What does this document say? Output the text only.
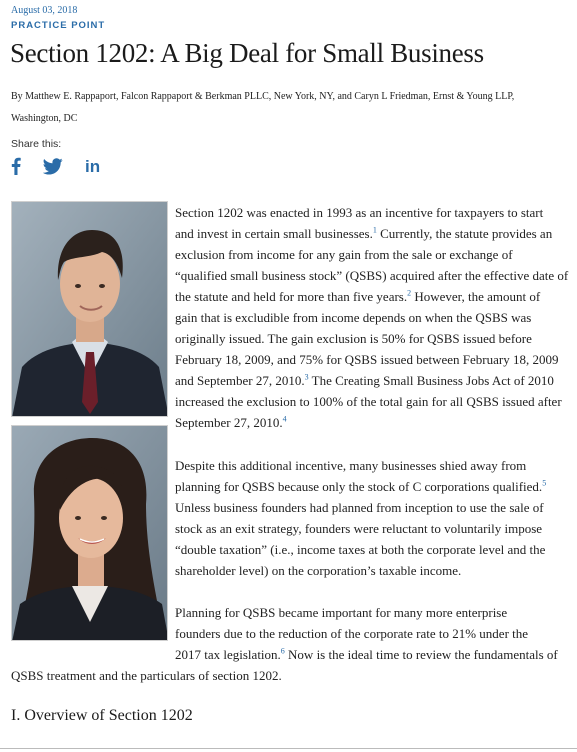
August 03, 2018
PRACTICE POINT
Section 1202: A Big Deal for Small Business
By Matthew E. Rappaport, Falcon Rappaport & Berkman PLLC, New York, NY, and Caryn L Friedman, Ernst & Young LLP,
Washington, DC
Share this:
in
Section 1202 was enacted in 1993 as an incentive for taxpayers to start
and invest in certain small businesses.$^1$ Currently, the statute provides an
exclusion from income for any gain from the sale or exchange of
“qualified small business stock” (QSBS) acquired after the effective date of
the statute and held for more than five years.$^2$ However, the amount of
gain that is excludible from income depends on when the QSBS was
originally issued. The gain exclusion is 50% for QSBS issued before
February 18, 2009, and 75% for QSBS issued between February 18, 2009
and September 27, 2010.$^3$ The Creating Small Business Jobs Act of 2010
increased the exclusion to 100% of the total gain for all QSBS issued after
September 27, 2010.$^4$
Despite this additional incentive, many businesses shied away from
planning for QSBS because only the stock of C corporations qualified.$^5$
Unless business founders had planned from inception to use the sale of
stock as an exit strategy, founders were reluctant to voluntarily impose
“double taxation” (i.e., income taxes at both the corporate level and the
shareholder level) on the corporation’s taxable income.
Planning for QSBS became important for many more enterprise
founders due to the reduction of the corporate rate to 21% under the
2017 tax legislation.$^6$ Now is the ideal time to review the fundamentals of
QSBS treatment and the particulars of section 1202.
I. Overview of Section 1202
